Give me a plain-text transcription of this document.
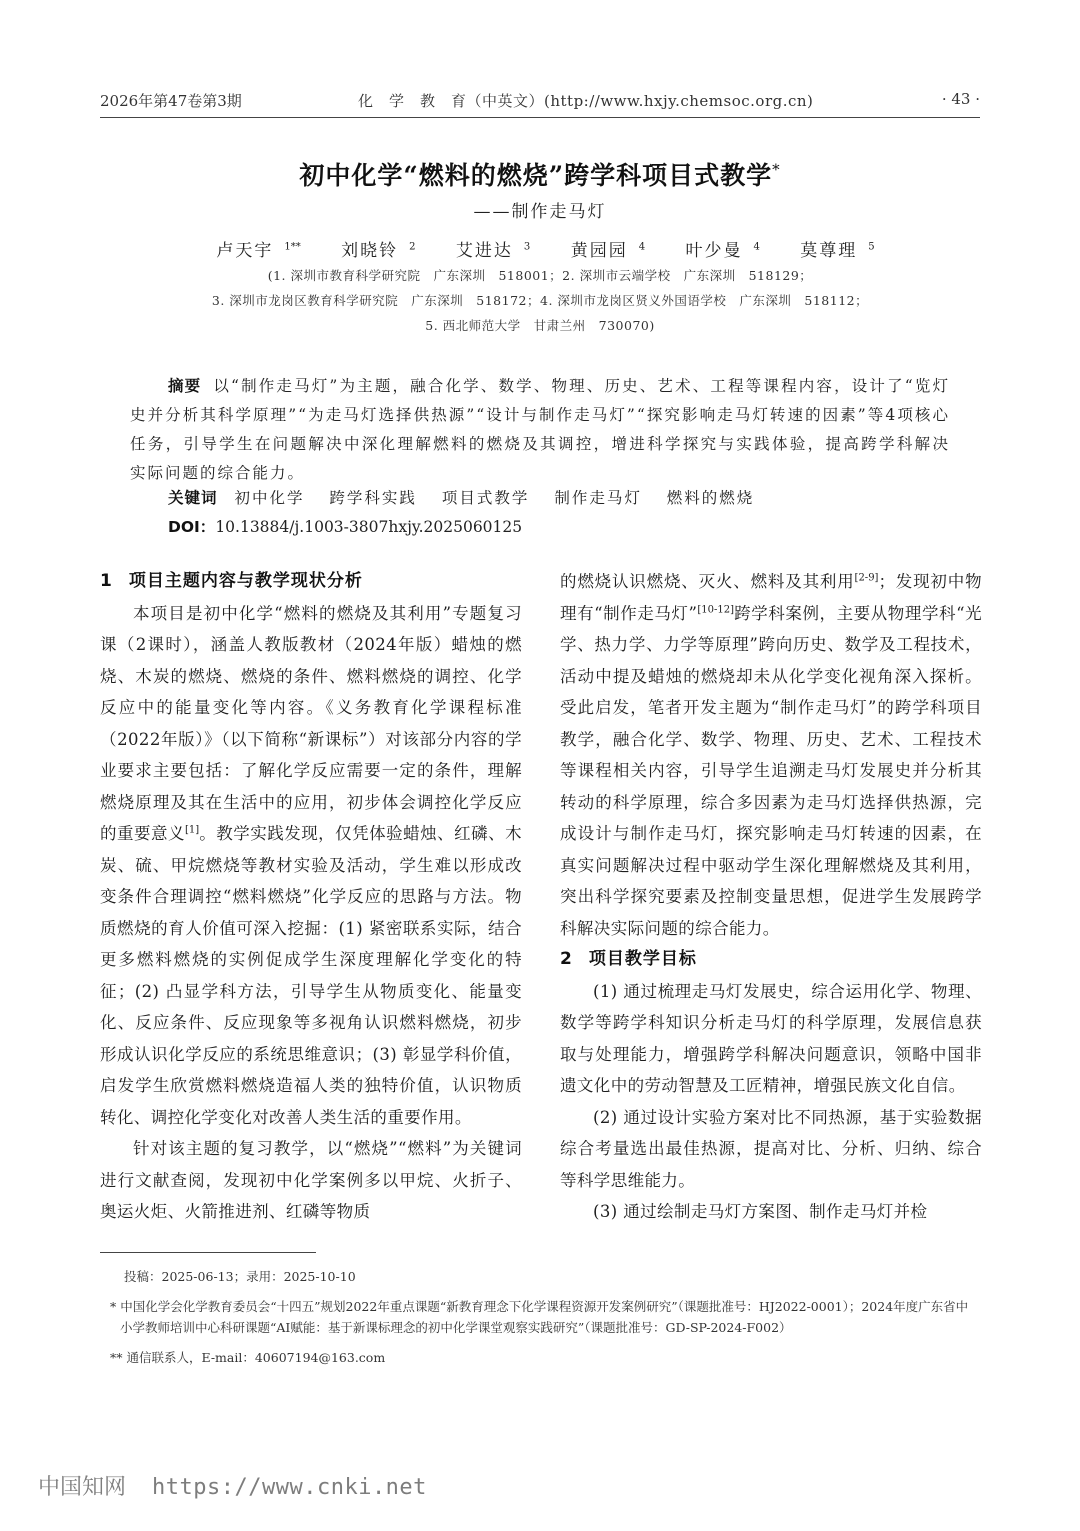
2026年第47卷第3期	化　学　教　育（中英文）(http://www.hxjy.chemsoc.org.cn)	· 43 ·
初中化学“燃料的燃烧”跨学科项目式教学*
——制作走马灯
卢天宇 $^{1**}$ 刘晓铃 $^2$ 艾进达 $^3$ 黄园园 $^4$ 叶少曼 $^4$ 莫尊理 $^5$
(1. 深圳市教育科学研究院　广东深圳　518001；2. 深圳市云端学校　广东深圳　518129；
3. 深圳市龙岗区教育科学研究院　广东深圳　518172；4. 深圳市龙岗区贤义外国语学校　广东深圳　518112；
5. 西北师范大学　甘肃兰州　730070)
摘要 以“制作走马灯”为主题，融合化学、数学、物理、历史、艺术、工程等课程内容，设计了“览灯史并分析其科学原理”“为走马灯选择供热源”“设计与制作走马灯”“探究影响走马灯转速的因素”等4项核心任务，引导学生在问题解决中深化理解燃料的燃烧及其调控，增进科学探究与实践体验，提高跨学科解决实际问题的综合能力。
关键词 初中化学 跨学科实践 项目式教学 制作走马灯 燃料的燃烧
DOI：10.13884/j.1003-3807hxjy.2025060125
1 项目主题内容与教学现状分析

本项目是初中化学“燃料的燃烧及其利用”专题复习课（2课时），涵盖人教版教材（2024年版）蜡烛的燃烧、木炭的燃烧、燃烧的条件、燃料燃烧的调控、化学反应中的能量变化等内容。《义务教育化学课程标准（2022年版）》（以下简称“新课标”）对该部分内容的学业要求主要包括：了解化学反应需要一定的条件，理解燃烧原理及其在生活中的应用，初步体会调控化学反应的重要意义[1]。教学实践发现，仅凭体验蜡烛、红磷、木炭、硫、甲烷燃烧等教材实验及活动，学生难以形成改变条件合理调控“燃料燃烧”化学反应的思路与方法。物质燃烧的育人价值可深入挖掘：(1) 紧密联系实际，结合更多燃料燃烧的实例促成学生深度理解化学变化的特征；(2) 凸显学科方法，引导学生从物质变化、能量变化、反应条件、反应现象等多视角认识燃料燃烧，初步形成认识化学反应的系统思维意识；(3) 彰显学科价值，启发学生欣赏燃料燃烧造福人类的独特价值，认识物质转化、调控化学变化对改善人类生活的重要作用。

针对该主题的复习教学，以“燃烧”“燃料”为关键词进行文献查阅，发现初中化学案例多以甲烷、火折子、奥运火炬、火箭推进剂、红磷等物质

的燃烧认识燃烧、灭火、燃料及其利用[2-9]；发现初中物理有“制作走马灯”[10-12]跨学科案例，主要从物理学科“光学、热力学、力学等原理”跨向历史、数学及工程技术，活动中提及蜡烛的燃烧却未从化学变化视角深入探析。受此启发，笔者开发主题为“制作走马灯”的跨学科项目教学，融合化学、数学、物理、历史、艺术、工程技术等课程相关内容，引导学生追溯走马灯发展史并分析其转动的科学原理，综合多因素为走马灯选择供热源，完成设计与制作走马灯，探究影响走马灯转速的因素，在真实问题解决过程中驱动学生深化理解燃烧及其利用，突出科学探究要素及控制变量思想，促进学生发展跨学科解决实际问题的综合能力。

2 项目教学目标

(1) 通过梳理走马灯发展史，综合运用化学、物理、数学等跨学科知识分析走马灯的科学原理，发展信息获取与处理能力，增强跨学科解决问题意识，领略中国非遗文化中的劳动智慧及工匠精神，增强民族文化自信。

(2) 通过设计实验方案对比不同热源，基于实验数据综合考量选出最佳热源，提高对比、分析、归纳、综合等科学思维能力。

(3) 通过绘制走马灯方案图、制作走马灯并检

投稿：2025-06-13；录用：2025-10-10
* 中国化学会化学教育委员会“十四五”规划2022年重点课题“新教育理念下化学课程资源开发案例研究”（课题批准号：HJ2022-0001）；2024年度广东省中小学教师培训中心科研课题“AI赋能：基于新课标理念的初中化学课堂观察实践研究”（课题批准号：GD-SP-2024-F002）
** 通信联系人，E-mail：40607194@163.com
中国知网 https://www.cnki.net
